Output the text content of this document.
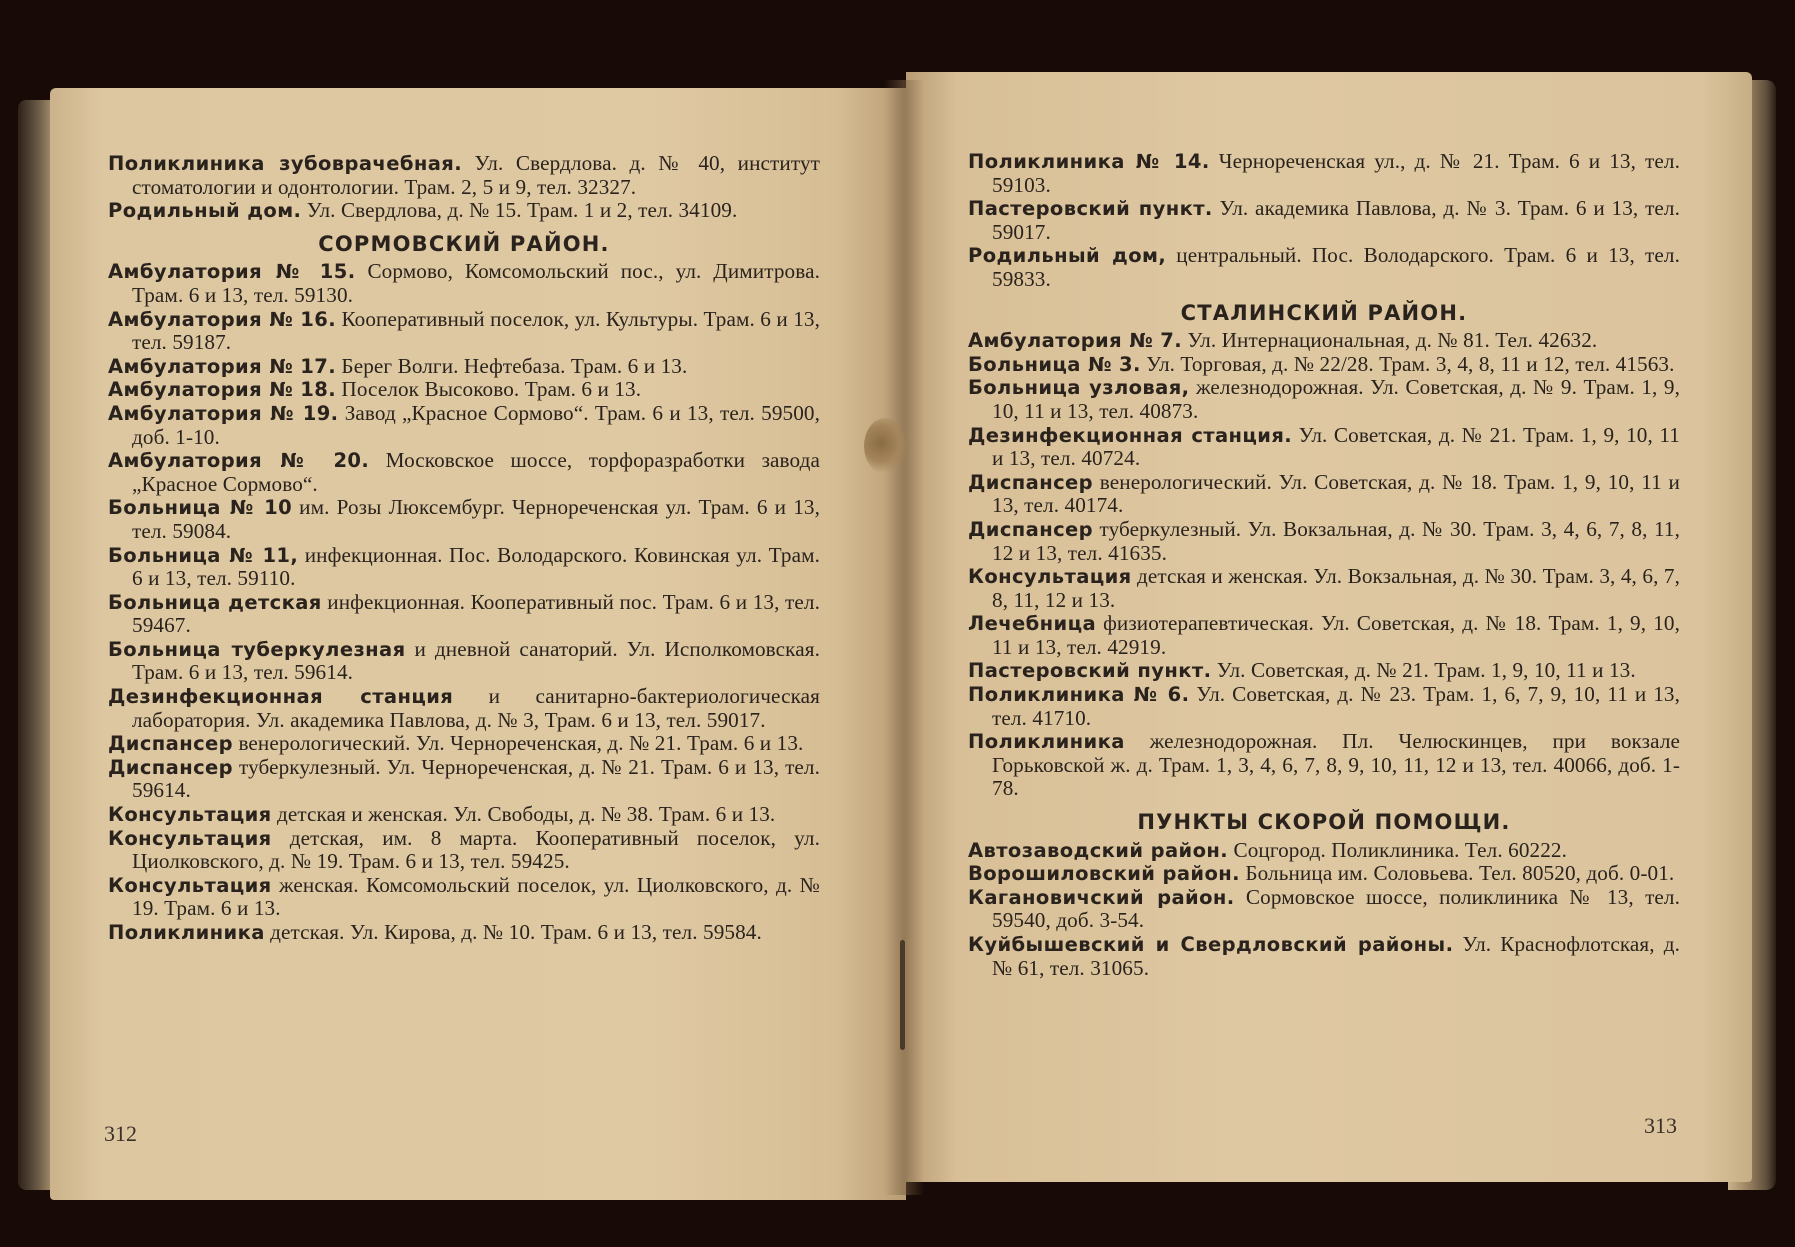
Поликлиника зубоврачебная. Ул. Свердлова. д. № 40, институт стоматологии и одонтологии. Трам. 2, 5 и 9, тел. 32327.

Родильный дом. Ул. Свердлова, д. № 15. Трам. 1 и 2, тел. 34109.

СОРМОВСКИЙ РАЙОН.

Амбулатория № 15. Сормово, Комсомольский пос., ул. Димитрова. Трам. 6 и 13, тел. 59130.

Амбулатория № 16. Кооперативный поселок, ул. Культуры. Трам. 6 и 13, тел. 59187.

Амбулатория № 17. Берег Волги. Нефтебаза. Трам. 6 и 13.

Амбулатория № 18. Поселок Высоково. Трам. 6 и 13.

Амбулатория № 19. Завод „Красное Сормово“. Трам. 6 и 13, тел. 59500, доб. 1-10.

Амбулатория № 20. Московское шоссе, торфоразработки завода „Красное Сормово“.

Больница № 10 им. Розы Люксембург. Черноречeнская ул. Трам. 6 и 13, тел. 59084.

Больница № 11, инфекционная. Пос. Володарского. Ковинская ул. Трам. 6 и 13, тел. 59110.

Больница детская инфекционная. Кооперативный пос. Трам. 6 и 13, тел. 59467.

Больница туберкулезная и дневной санаторий. Ул. Исполкомовская. Трам. 6 и 13, тел. 59614.

Дезинфекционная станция и санитарно-бактериологическая лаборатория. Ул. академика Павлова, д. № 3, Трам. 6 и 13, тел. 59017.

Диспансер венерологический. Ул. Черноречeнская, д. № 21. Трам. 6 и 13.

Диспансер туберкулезный. Ул. Черноречeнская, д. № 21. Трам. 6 и 13, тел. 59614.

Консультация детская и женская. Ул. Свободы, д. № 38. Трам. 6 и 13.

Консультация детская, им. 8 марта. Кооперативный поселок, ул. Циолковского, д. № 19. Трам. 6 и 13, тел. 59425.

Консультация женская. Комсомольский поселок, ул. Циолковского, д. № 19. Трам. 6 и 13.

Поликлиника детская. Ул. Кирова, д. № 10. Трам. 6 и 13, тел. 59584.

312

Поликлиника № 14. Черноречeнская ул., д. № 21. Трам. 6 и 13, тел. 59103.

Пастеровский пункт. Ул. академика Павлова, д. № 3. Трам. 6 и 13, тел. 59017.

Родильный дом, центральный. Пос. Володарского. Трам. 6 и 13, тел. 59833.

СТАЛИНСКИЙ РАЙОН.

Амбулатория № 7. Ул. Интернациональная, д. № 81. Тел. 42632.

Больница № 3. Ул. Торговая, д. № 22/28. Трам. 3, 4, 8, 11 и 12, тел. 41563.

Больница узловая, железнодорожная. Ул. Советская, д. № 9. Трам. 1, 9, 10, 11 и 13, тел. 40873.

Дезинфекционная станция. Ул. Советская, д. № 21. Трам. 1, 9, 10, 11 и 13, тел. 40724.

Диспансер венерологический. Ул. Советская, д. № 18. Трам. 1, 9, 10, 11 и 13, тел. 40174.

Диспансер туберкулезный. Ул. Вокзальная, д. № 30. Трам. 3, 4, 6, 7, 8, 11, 12 и 13, тел. 41635.

Консультация детская и женская. Ул. Вокзальная, д. № 30. Трам. 3, 4, 6, 7, 8, 11, 12 и 13.

Лечебница физиотерапевтическая. Ул. Советская, д. № 18. Трам. 1, 9, 10, 11 и 13, тел. 42919.

Пастеровский пункт. Ул. Советская, д. № 21. Трам. 1, 9, 10, 11 и 13.

Поликлиника № 6. Ул. Советская, д. № 23. Трам. 1, 6, 7, 9, 10, 11 и 13, тел. 41710.

Поликлиника железнодорожная. Пл. Челюскинцев, при вокзале Горьковской ж. д. Трам. 1, 3, 4, 6, 7, 8, 9, 10, 11, 12 и 13, тел. 40066, доб. 1-78.

ПУНКТЫ СКОРОЙ ПОМОЩИ.

Автозаводский район. Соцгород. Поликлиника. Тел. 60222.

Ворошиловский район. Больница им. Соловьева. Тел. 80520, доб. 0-01.

Кагановичский район. Сормовское шоссе, поликлиника № 13, тел. 59540, доб. 3-54.

Куйбышевский и Свердловский районы. Ул. Краснофлотская, д. № 61, тел. 31065.

313
